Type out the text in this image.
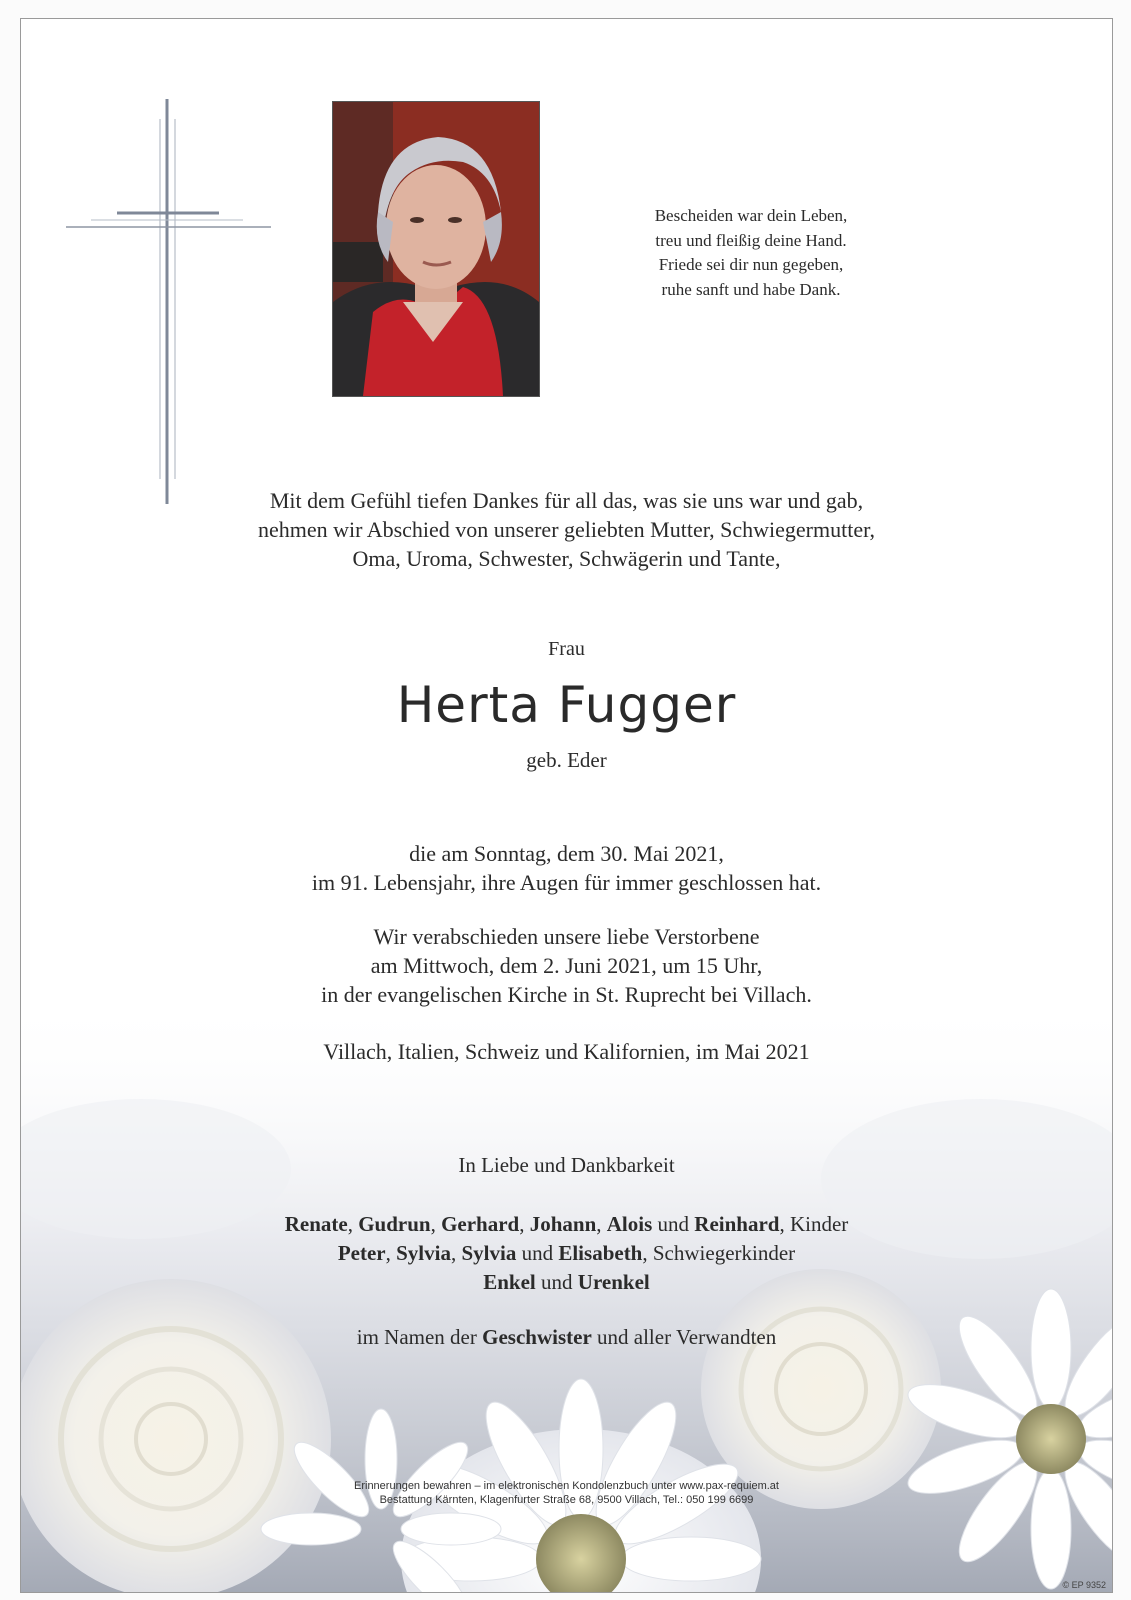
Bescheiden war dein Leben,
treu und fleißig deine Hand.
Friede sei dir nun gegeben,
ruhe sanft und habe Dank.
Mit dem Gefühl tiefen Dankes für all das, was sie uns war und gab,
nehmen wir Abschied von unserer geliebten Mutter, Schwiegermutter,
Oma, Uroma, Schwester, Schwägerin und Tante,
Frau
Herta Fugger
geb. Eder
die am Sonntag, dem 30. Mai 2021,
im 91. Lebensjahr, ihre Augen für immer geschlossen hat.
Wir verabschieden unsere liebe Verstorbene
am Mittwoch, dem 2. Juni 2021, um 15 Uhr,
in der evangelischen Kirche in St. Ruprecht bei Villach.
Villach, Italien, Schweiz und Kalifornien, im Mai 2021
In Liebe und Dankbarkeit
Renate, Gudrun, Gerhard, Johann, Alois und Reinhard, Kinder
Peter, Sylvia, Sylvia und Elisabeth, Schwiegerkinder
Enkel und Urenkel
im Namen der Geschwister und aller Verwandten
Erinnerungen bewahren – im elektronischen Kondolenzbuch unter www.pax-requiem.at
Bestattung Kärnten, Klagenfurter Straße 68, 9500 Villach, Tel.: 050 199 6699
© EP 9352
